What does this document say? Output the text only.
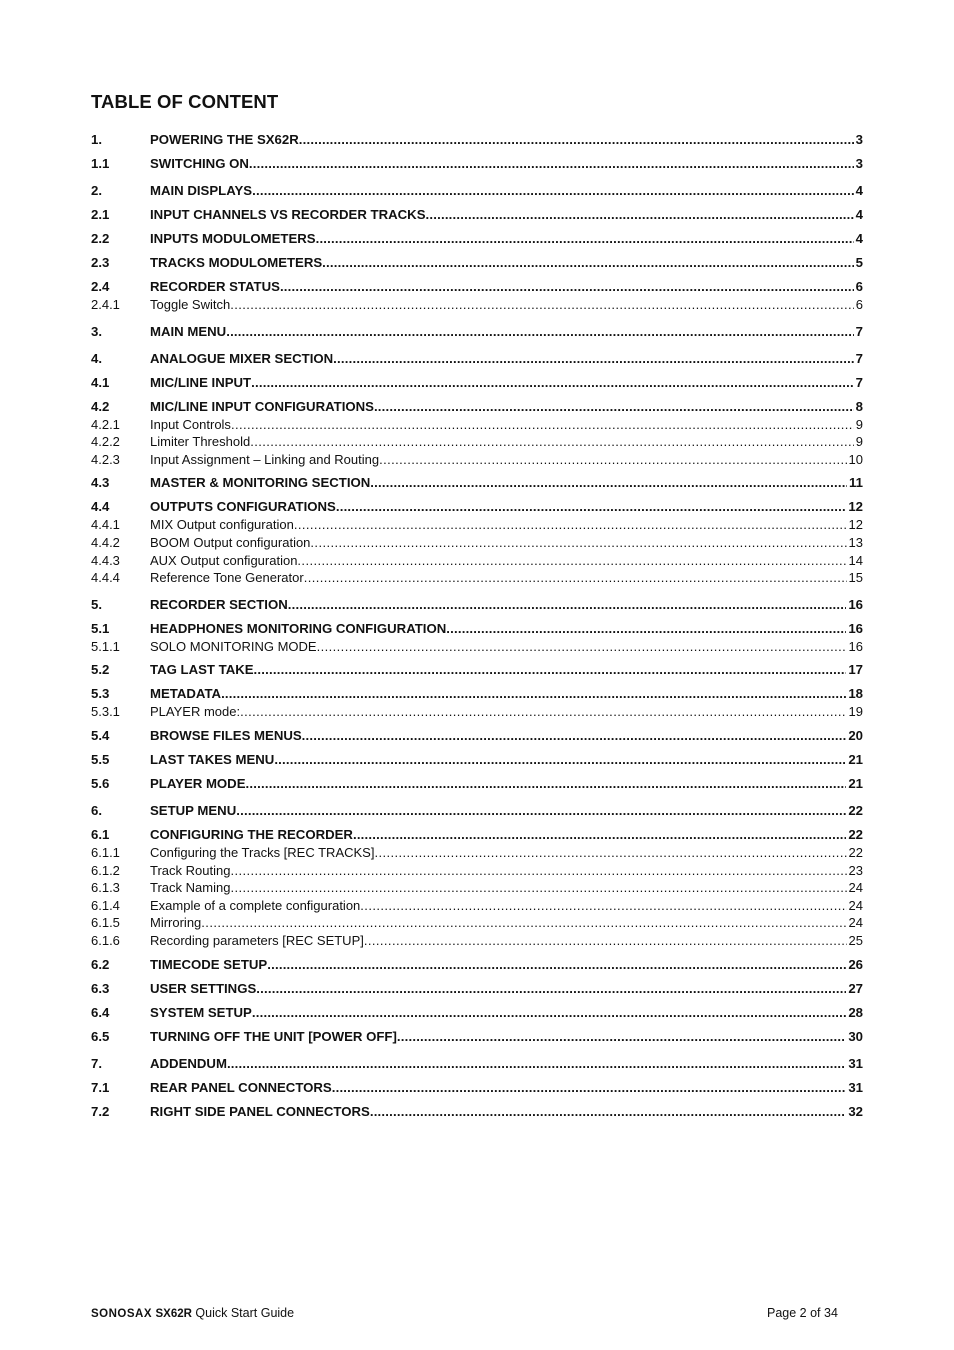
TABLE OF CONTENT
1.	POWERING THE SX62R .....	3
1.1	SWITCHING ON .....	3
2.	MAIN DISPLAYS .....	4
2.1	INPUT CHANNELS VS RECORDER TRACKS .....	4
2.2	INPUTS MODULOMETERS .....	4
2.3	TRACKS MODULOMETERS .....	5
2.4	RECORDER STATUS .....	6
2.4.1	Toggle Switch .....	6
3.	MAIN MENU .....	7
4.	ANALOGUE MIXER SECTION .....	7
4.1	MIC/LINE INPUT .....	7
4.2	MIC/LINE INPUT CONFIGURATIONS .....	8
4.2.1	Input Controls .....	9
4.2.2	Limiter Threshold .....	9
4.2.3	Input Assignment – Linking and Routing .....	10
4.3	MASTER & MONITORING SECTION .....	11
4.4	OUTPUTS CONFIGURATIONS .....	12
4.4.1	MIX Output configuration .....	12
4.4.2	BOOM Output configuration .....	13
4.4.3	AUX Output configuration .....	14
4.4.4	Reference Tone Generator .....	15
5.	RECORDER SECTION .....	16
5.1	HEADPHONES MONITORING CONFIGURATION .....	16
5.1.1	SOLO MONITORING MODE .....	16
5.2	TAG LAST TAKE .....	17
5.3	METADATA .....	18
5.3.1	PLAYER mode: .....	19
5.4	BROWSE FILES MENUS .....	20
5.5	LAST TAKES MENU .....	21
5.6	PLAYER MODE .....	21
6.	SETUP MENU .....	22
6.1	CONFIGURING THE RECORDER .....	22
6.1.1	Configuring the Tracks [REC TRACKS] .....	22
6.1.2	Track Routing .....	23
6.1.3	Track Naming .....	24
6.1.4	Example of a complete configuration .....	24
6.1.5	Mirroring .....	24
6.1.6	Recording parameters [REC SETUP] .....	25
6.2	TIMECODE SETUP .....	26
6.3	USER SETTINGS .....	27
6.4	SYSTEM SETUP .....	28
6.5	TURNING OFF THE UNIT [POWER OFF] .....	30
7.	ADDENDUM .....	31
7.1	REAR PANEL CONNECTORS .....	31
7.2	RIGHT SIDE PANEL CONNECTORS .....	32
SONOSAX SX62R Quick Start Guide	Page 2 of 34
